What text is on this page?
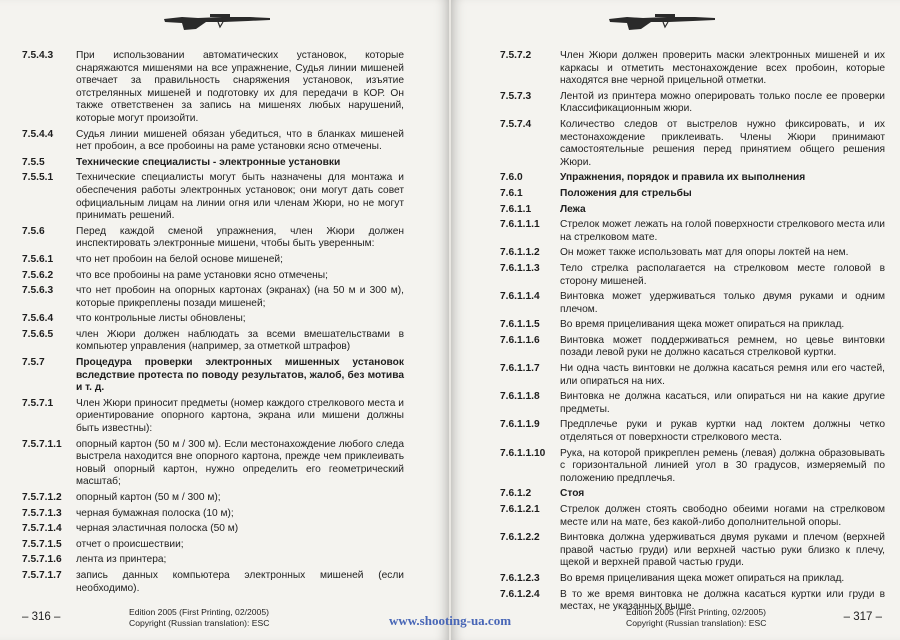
7.5.4.3	При использовании автоматических установок, которые снаряжаются мишенями на все упражнение, Судья линии мишеней отвечает за правильность снаряжения установок, изъятие отстрелянных мишеней и подготовку их для передачи в КОР. Он также ответственен за запись на мишенях любых нарушений, которые могут произойти.
7.5.4.4	Судья линии мишеней обязан убедиться, что в бланках мишеней нет пробоин, а все пробоины на раме установки ясно отмечены.
7.5.5	Технические специалисты - электронные установки
7.5.5.1	Технические специалисты могут быть назначены для монтажа и обеспечения работы электронных установок; они могут дать совет официальным лицам на линии огня или членам Жюри, но не могут принимать решений.
7.5.6	Перед каждой сменой упражнения, член Жюри должен инспектировать электронные мишени, чтобы быть уверенным:
7.5.6.1	что нет пробоин на белой основе мишеней;
7.5.6.2	что все пробоины на раме установки ясно отмечены;
7.5.6.3	что нет пробоин на опорных картонах (экранах) (на 50 м и 300 м), которые прикреплены позади мишеней;
7.5.6.4	что контрольные листы обновлены;
7.5.6.5	член Жюри должен наблюдать за всеми вмешательствами в компьютер управления (например, за отметкой штрафов)
7.5.7	Процедура проверки электронных мишенных установок вследствие протеста по поводу результатов, жалоб, без мотива и т. д.
7.5.7.1	Член Жюри приносит предметы (номер каждого стрелкового места и ориентирование опорного картона, экрана или мишени должны быть известны):
7.5.7.1.1	опорный картон (50 м / 300 м). Если местонахождение любого следа выстрела находится вне опорного картона, прежде чем приклеивать новый опорный картон, нужно определить его геометрический масштаб;
7.5.7.1.2	опорный картон (50 м / 300 м);
7.5.7.1.3	черная бумажная полоска (10 м);
7.5.7.1.4	черная эластичная полоска (50 м)
7.5.7.1.5	отчет о происшествии;
7.5.7.1.6	лента из принтера;
7.5.7.1.7	запись данных компьютера электронных мишеней (если необходимо).
– 316 –	Edition 2005 (First Printing, 02/2005)
Copyright (Russian translation): ESC
7.5.7.2	Член Жюри должен проверить маски электронных мишеней и их каркасы и отметить местонахождение всех пробоин, которые находятся вне черной прицельной отметки.
7.5.7.3	Лентой из принтера можно оперировать только после ее проверки Классификационным жюри.
7.5.7.4	Количество следов от выстрелов нужно фиксировать, и их местонахождение приклеивать. Члены Жюри принимают самостоятельные решения перед принятием общего решения Жюри.
7.6.0	Упражнения, порядок и правила их выполнения
7.6.1	Положения для стрельбы
7.6.1.1	Лежа
7.6.1.1.1	Стрелок может лежать на голой поверхности стрелкового места или на стрелковом мате.
7.6.1.1.2	Он может также использовать мат для опоры локтей на нем.
7.6.1.1.3	Тело стрелка располагается на стрелковом месте головой в сторону мишеней.
7.6.1.1.4	Винтовка может удерживаться только двумя руками и одним плечом.
7.6.1.1.5	Во время прицеливания щека может опираться на приклад.
7.6.1.1.6	Винтовка может поддерживаться ремнем, но цевье винтовки позади левой руки не должно касаться стрелковой куртки.
7.6.1.1.7	Ни одна часть винтовки не должна касаться ремня или его частей, или опираться на них.
7.6.1.1.8	Винтовка не должна касаться, или опираться ни на какие другие предметы.
7.6.1.1.9	Предплечье руки и рукав куртки над локтем должны четко отделяться от поверхности стрелкового места.
7.6.1.1.10	Рука, на которой прикреплен ремень (левая) должна образовывать с горизонтальной линией угол в 30 градусов, измеряемый по положению предплечья.
7.6.1.2	Стоя
7.6.1.2.1	Стрелок должен стоять свободно обеими ногами на стрелковом месте или на мате, без какой-либо дополнительной опоры.
7.6.1.2.2	Винтовка должна удерживаться двумя руками и плечом (верхней правой частью груди) или верхней частью руки близко к плечу, щекой и верхней правой частью груди.
7.6.1.2.3	Во время прицеливания щека может опираться на приклад.
7.6.1.2.4	В то же время винтовка не должна касаться куртки или груди в местах, не указанных выше.
– 317 –
Edition 2005 (First Printing, 02/2005)
Copyright (Russian translation): ESC
www.shooting-ua.com
